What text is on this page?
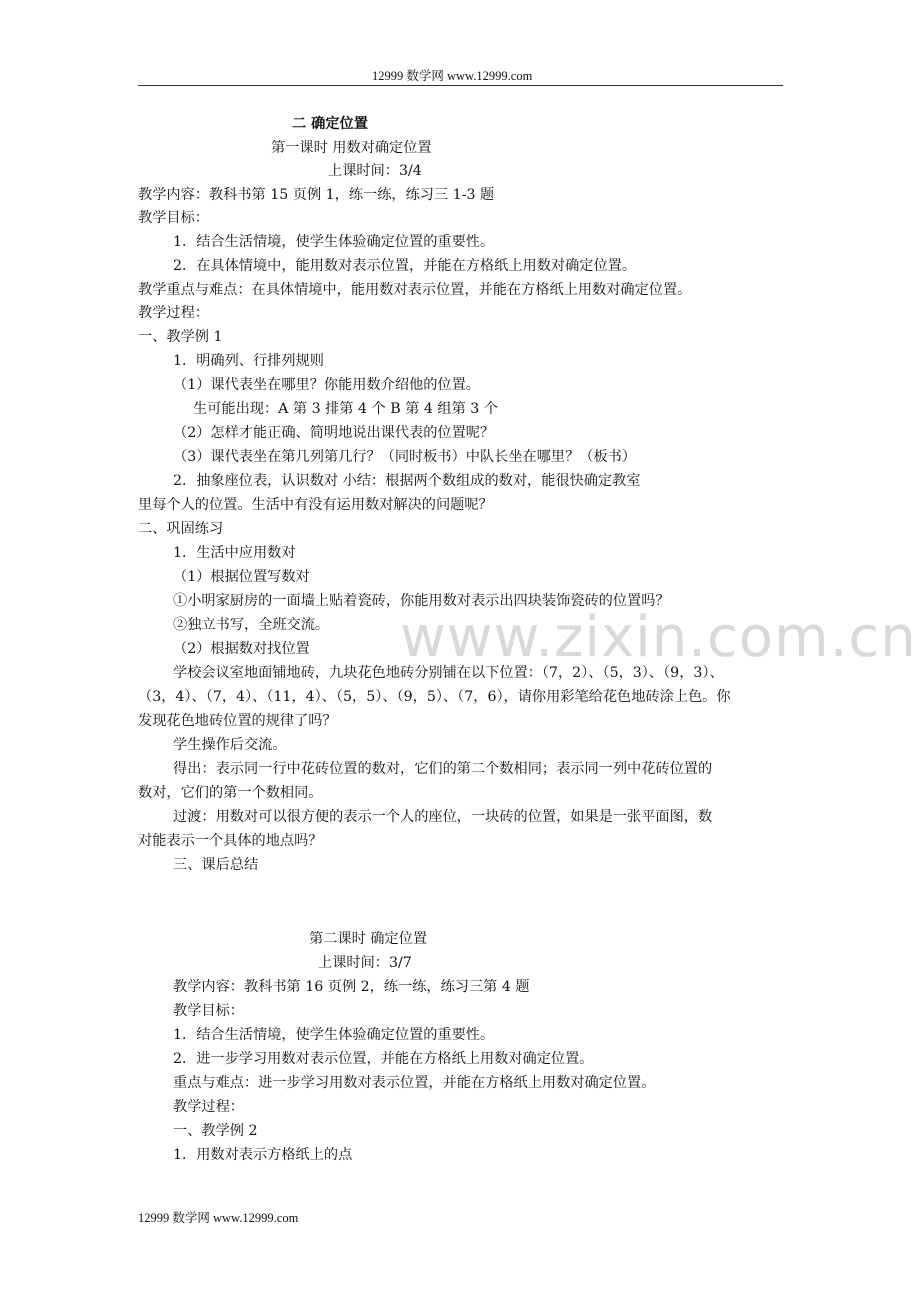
12999 数学网 www.12999.com
www.zixin.com.cn
二 确定位置
第一课时 用数对确定位置
上课时间：3/4
教学内容：教科书第 15 页例 1，练一练，练习三 1-3 题
教学目标：
1．结合生活情境，使学生体验确定位置的重要性。
2．在具体情境中，能用数对表示位置，并能在方格纸上用数对确定位置。
教学重点与难点：在具体情境中，能用数对表示位置，并能在方格纸上用数对确定位置。
教学过程：
一、教学例 1
1．明确列、行排列规则
（1）课代表坐在哪里？你能用数介绍他的位置。
生可能出现：A 第 3 排第 4 个 B 第 4 组第 3 个
（2）怎样才能正确、简明地说出课代表的位置呢？
（3）课代表坐在第几列第几行？（同时板书）中队长坐在哪里？（板书）
2．抽象座位表，认识数对 小结：根据两个数组成的数对，能很快确定教室
里每个人的位置。生活中有没有运用数对解决的问题呢？
二、巩固练习
1．生活中应用数对
（1）根据位置写数对
①小明家厨房的一面墙上贴着瓷砖，你能用数对表示出四块装饰瓷砖的位置吗？
②独立书写，全班交流。
（2）根据数对找位置
学校会议室地面铺地砖，九块花色地砖分别铺在以下位置：（7，2）、（5，3）、（9，3）、
（3，4）、（7，4）、（11，4）、（5，5）、（9，5）、（7，6），请你用彩笔给花色地砖涂上色。你
发现花色地砖位置的规律了吗？
学生操作后交流。
得出：表示同一行中花砖位置的数对，它们的第二个数相同；表示同一列中花砖位置的
数对，它们的第一个数相同。
过渡：用数对可以很方便的表示一个人的座位，一块砖的位置，如果是一张平面图，数
对能表示一个具体的地点吗？
三、课后总结
第二课时 确定位置
上课时间：3/7
教学内容：教科书第 16 页例 2，练一练，练习三第 4 题
教学目标：
1．结合生活情境，使学生体验确定位置的重要性。
2．进一步学习用数对表示位置，并能在方格纸上用数对确定位置。
重点与难点：进一步学习用数对表示位置，并能在方格纸上用数对确定位置。
教学过程：
一、教学例 2
1．用数对表示方格纸上的点
12999 数学网 www.12999.com
